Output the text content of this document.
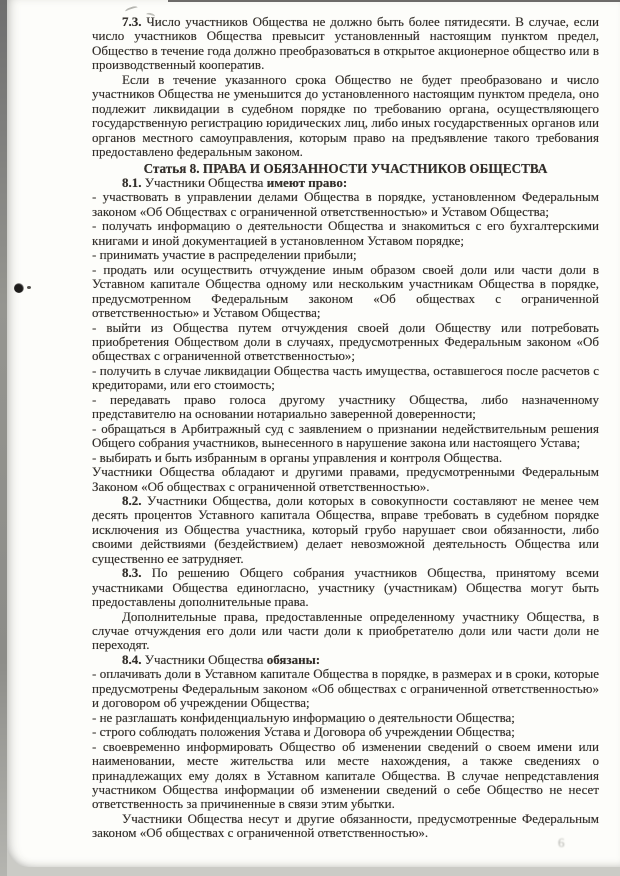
6

7.3. Число участников Общества не должно быть более пятидесяти. В случае, если число участников Общества превысит установленный настоящим пунктом предел, Общество в течение года должно преобразоваться в открытое акционерное общество или в производственный кооператив.

Если в течение указанного срока Общество не будет преобразовано и число участников Общества не уменьшится до установленного настоящим пунктом предела, оно подлежит ликвидации в судебном порядке по требованию органа, осуществляющего государственную регистрацию юридических лиц, либо иных государственных органов или органов местного самоуправления, которым право на предъявление такого требования предоставлено федеральным законом.

Статья 8. ПРАВА И ОБЯЗАННОСТИ УЧАСТНИКОВ ОБЩЕСТВА

8.1. Участники Общества имеют право:

- участвовать в управлении делами Общества в порядке, установленном Федеральным законом «Об Обществах с ограниченной ответственностью» и Уставом Общества;

- получать информацию о деятельности Общества и знакомиться с его бухгалтерскими книгами и иной документацией в установленном Уставом порядке;

- принимать участие в распределении прибыли;

- продать или осуществить отчуждение иным образом своей доли или части доли в Уставном капитале Общества одному или нескольким участникам Общества в порядке, предусмотренном Федеральным законом «Об обществах с ограниченной ответственностью» и Уставом Общества;

- выйти из Общества путем отчуждения своей доли Обществу или потребовать приобретения Обществом доли в случаях, предусмотренных Федеральным законом «Об обществах с ограниченной ответственностью»;

- получить в случае ликвидации Общества часть имущества, оставшегося после расчетов с кредиторами, или его стоимость;

- передавать право голоса другому участнику Общества, либо назначенному представителю на основании нотариально заверенной доверенности;

- обращаться в Арбитражный суд с заявлением о признании недействительным решения Общего собрания участников, вынесенного в нарушение закона или настоящего Устава;

- выбирать и быть избранным в органы управления и контроля Общества.

Участники Общества обладают и другими правами, предусмотренными Федеральным Законом «Об обществах с ограниченной ответственностью».

8.2. Участники Общества, доли которых в совокупности составляют не менее чем десять процентов Уставного капитала Общества, вправе требовать в судебном порядке исключения из Общества участника, который грубо нарушает свои обязанности, либо своими действиями (бездействием) делает невозможной деятельность Общества или существенно ее затрудняет.

8.3. По решению Общего собрания участников Общества, принятому всеми участниками Общества единогласно, участнику (участникам) Общества могут быть предоставлены дополнительные права.

Дополнительные права, предоставленные определенному участнику Общества, в случае отчуждения его доли или части доли к приобретателю доли или части доли не переходят.

8.4. Участники Общества обязаны:

- оплачивать доли в Уставном капитале Общества в порядке, в размерах и в сроки, которые предусмотрены Федеральным законом «Об обществах с ограниченной ответственностью» и договором об учреждении Общества;

- не разглашать конфиденциальную информацию о деятельности Общества;

- строго соблюдать положения Устава и Договора об учреждении Общества;

- своевременно информировать Общество об изменении сведений о своем имени или наименовании, месте жительства или месте нахождения, а также сведениях о принадлежащих ему долях в Уставном капитале Общества. В случае непредставления участником Общества информации об изменении сведений о себе Общество не несет ответственность за причиненные в связи этим убытки.

Участники Общества несут и другие обязанности, предусмотренные Федеральным законом «Об обществах с ограниченной ответственностью».
